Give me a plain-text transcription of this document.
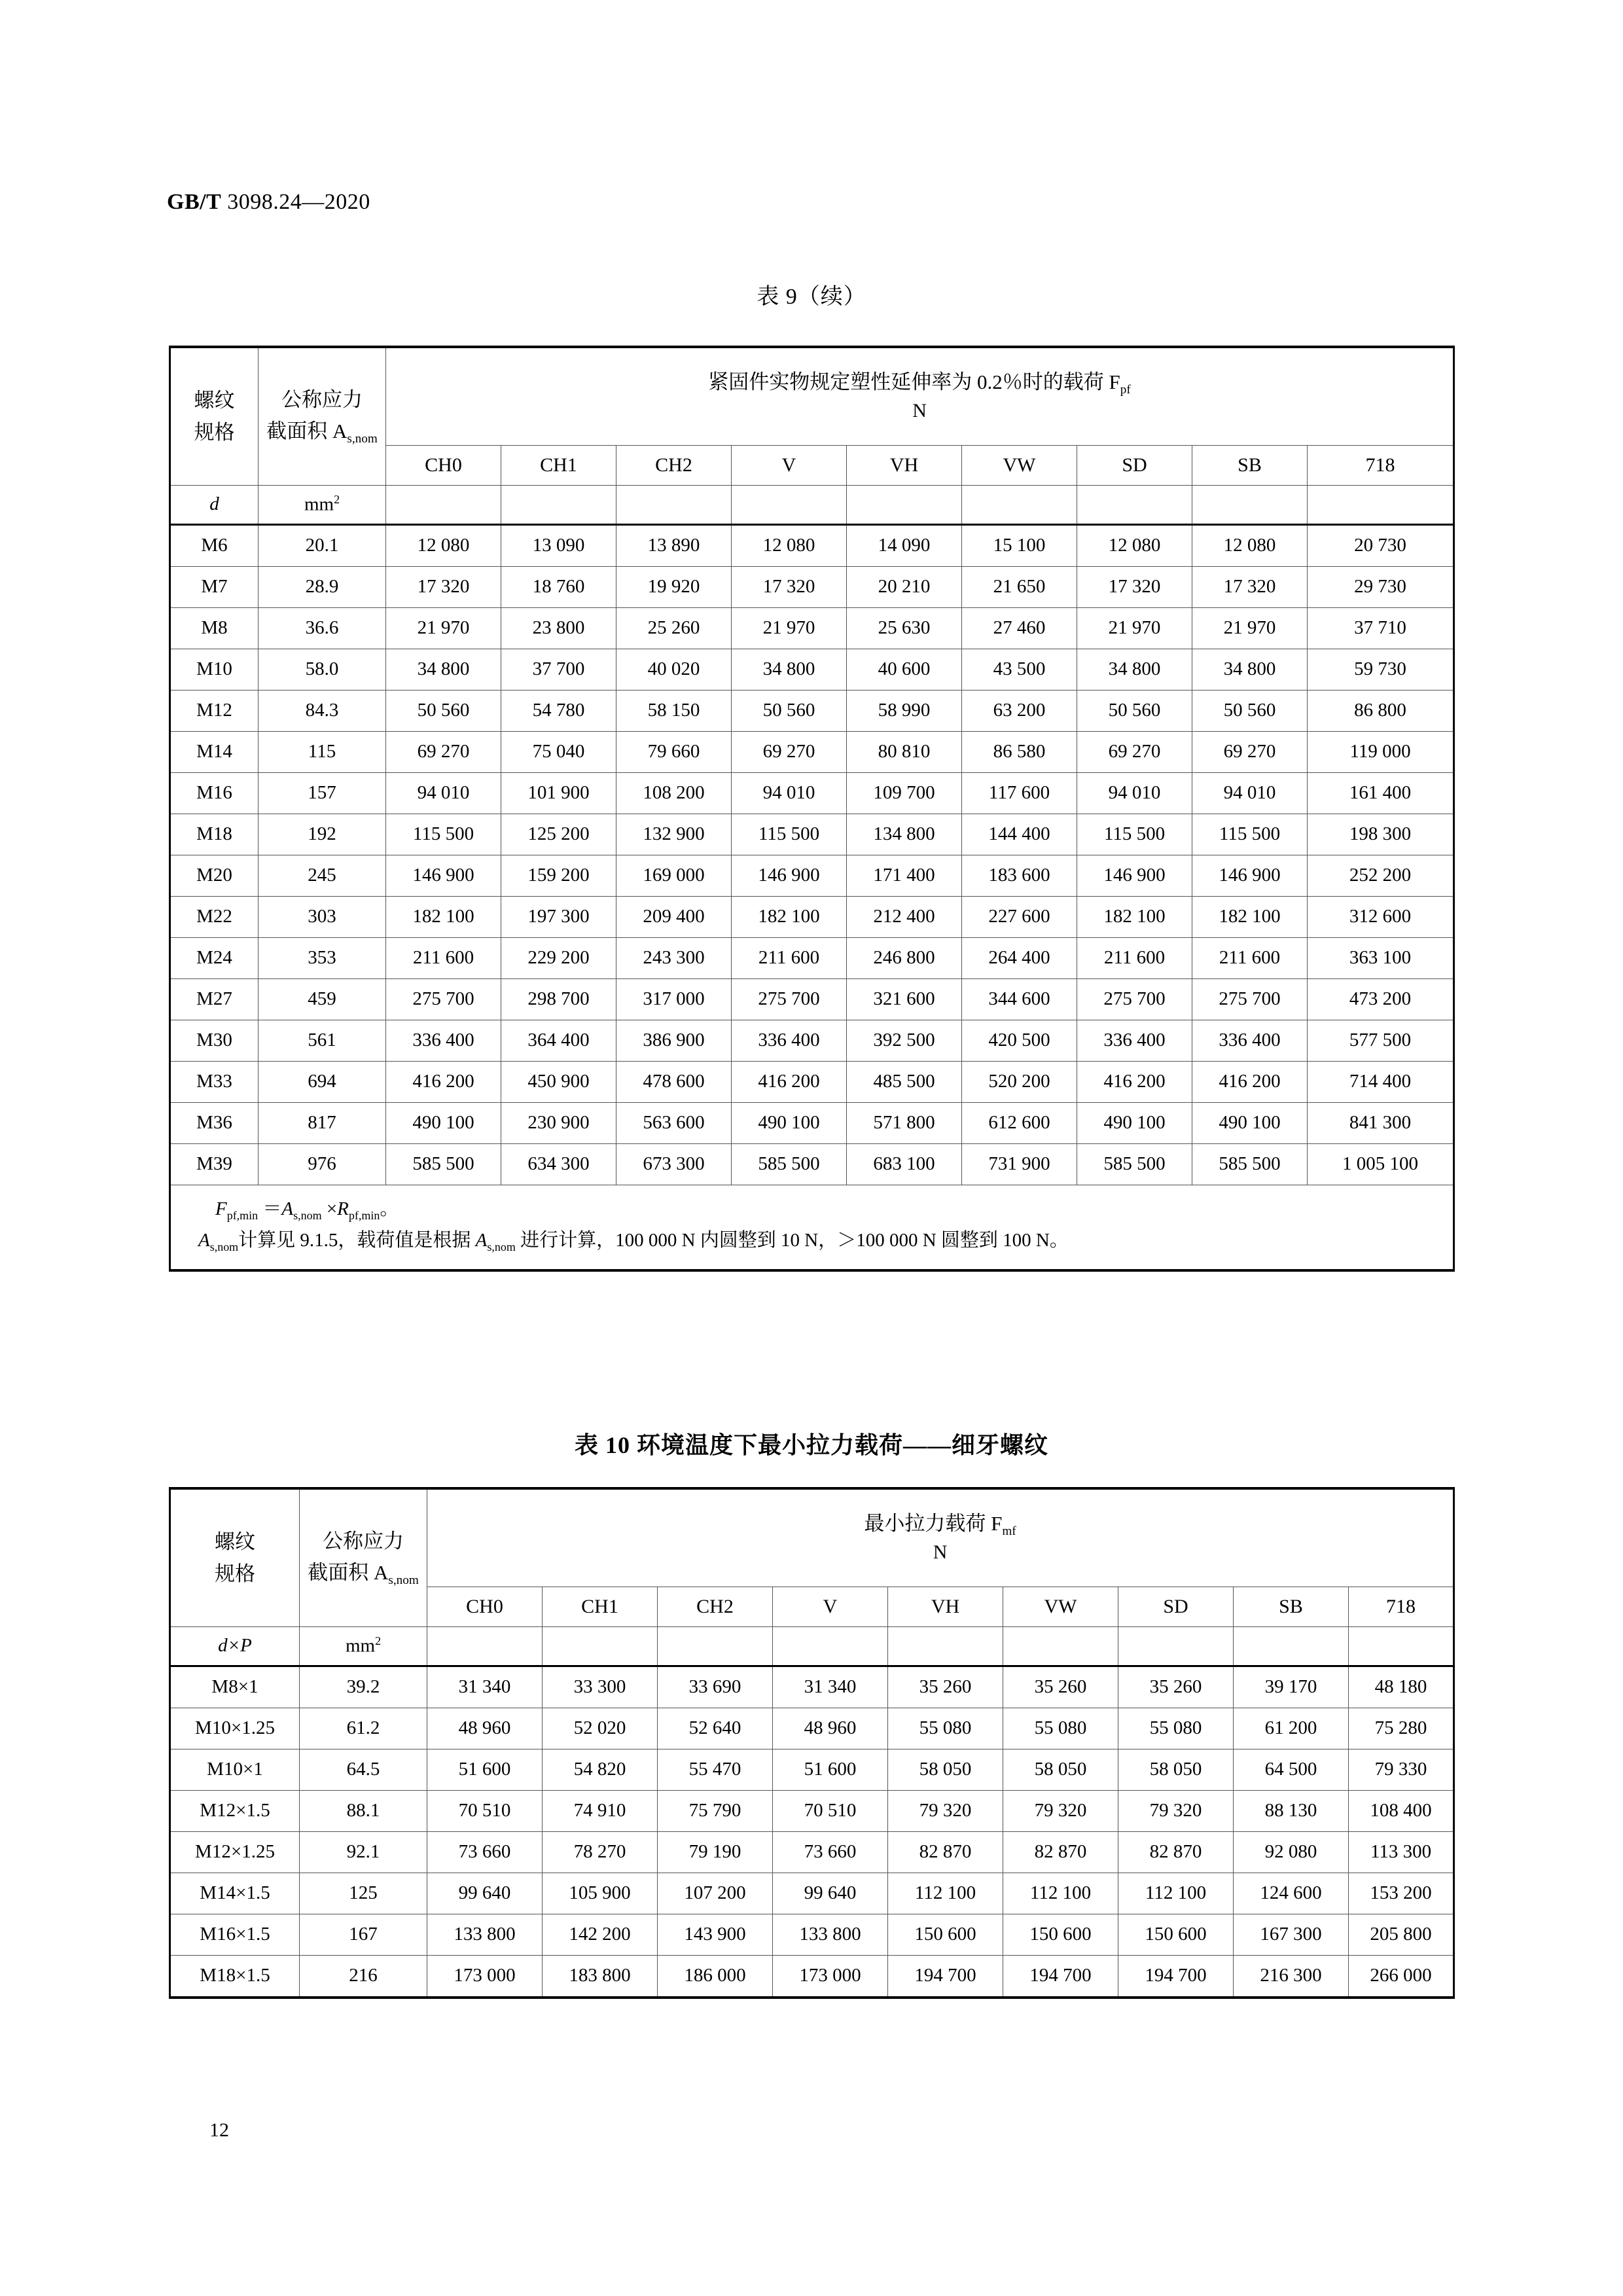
GB/T 3098.24—2020
表 9（续）
螺纹
规格	公称应力
截面积 $A_{s,nom}$	紧固件实物规定塑性延伸率为 0.2％时的载荷 $F_{pf}$
N								

		CH0	CH1	CH2	V	VH	VW	SD	SB	718
d	$mm^2$									
M6	20.1	12 080	13 090	13 890	12 080	14 090	15 100	12 080	12 080	20 730
M7	28.9	17 320	18 760	19 920	17 320	20 210	21 650	17 320	17 320	29 730
M8	36.6	21 970	23 800	25 260	21 970	25 630	27 460	21 970	21 970	37 710
M10	58.0	34 800	37 700	40 020	34 800	40 600	43 500	34 800	34 800	59 730
M12	84.3	50 560	54 780	58 150	50 560	58 990	63 200	50 560	50 560	86 800
M14	115	69 270	75 040	79 660	69 270	80 810	86 580	69 270	69 270	119 000
M16	157	94 010	101 900	108 200	94 010	109 700	117 600	94 010	94 010	161 400
M18	192	115 500	125 200	132 900	115 500	134 800	144 400	115 500	115 500	198 300
M20	245	146 900	159 200	169 000	146 900	171 400	183 600	146 900	146 900	252 200
M22	303	182 100	197 300	209 400	182 100	212 400	227 600	182 100	182 100	312 600
M24	353	211 600	229 200	243 300	211 600	246 800	264 400	211 600	211 600	363 100
M27	459	275 700	298 700	317 000	275 700	321 600	344 600	275 700	275 700	473 200
M30	561	336 400	364 400	386 900	336 400	392 500	420 500	336 400	336 400	577 500
M33	694	416 200	450 900	478 600	416 200	485 500	520 200	416 200	416 200	714 400
M36	817	490 100	230 900	563 600	490 100	571 800	612 600	490 100	490 100	841 300
M39	976	585 500	634 300	673 300	585 500	683 100	731 900	585 500	585 500	1 005 100

$F_{pf,min} =A_{s,nom} \times R_{pf,min}$。
$A_{s,nom}$计算见 9.1.5，载荷值是根据 $A_{s,nom}$ 进行计算，100 000 N 内圆整到 10 N，＞100 000 N 圆整到 100 N。										
表 10 环境温度下最小拉力载荷——细牙螺纹
螺纹
规格	公称应力
截面积 $A_{s,nom}$	最小拉力载荷 $F_{mf}$
N								

		CH0	CH1	CH2	V	VH	VW	SD	SB	718
d×P	$mm^2$									
M8×1	39.2	31 340	33 300	33 690	31 340	35 260	35 260	35 260	39 170	48 180
M10×1.25	61.2	48 960	52 020	52 640	48 960	55 080	55 080	55 080	61 200	75 280
M10×1	64.5	51 600	54 820	55 470	51 600	58 050	58 050	58 050	64 500	79 330
M12×1.5	88.1	70 510	74 910	75 790	70 510	79 320	79 320	79 320	88 130	108 400
M12×1.25	92.1	73 660	78 270	79 190	73 660	82 870	82 870	82 870	92 080	113 300
M14×1.5	125	99 640	105 900	107 200	99 640	112 100	112 100	112 100	124 600	153 200
M16×1.5	167	133 800	142 200	143 900	133 800	150 600	150 600	150 600	167 300	205 800
M18×1.5	216	173 000	183 800	186 000	173 000	194 700	194 700	194 700	216 300	266 000
12
